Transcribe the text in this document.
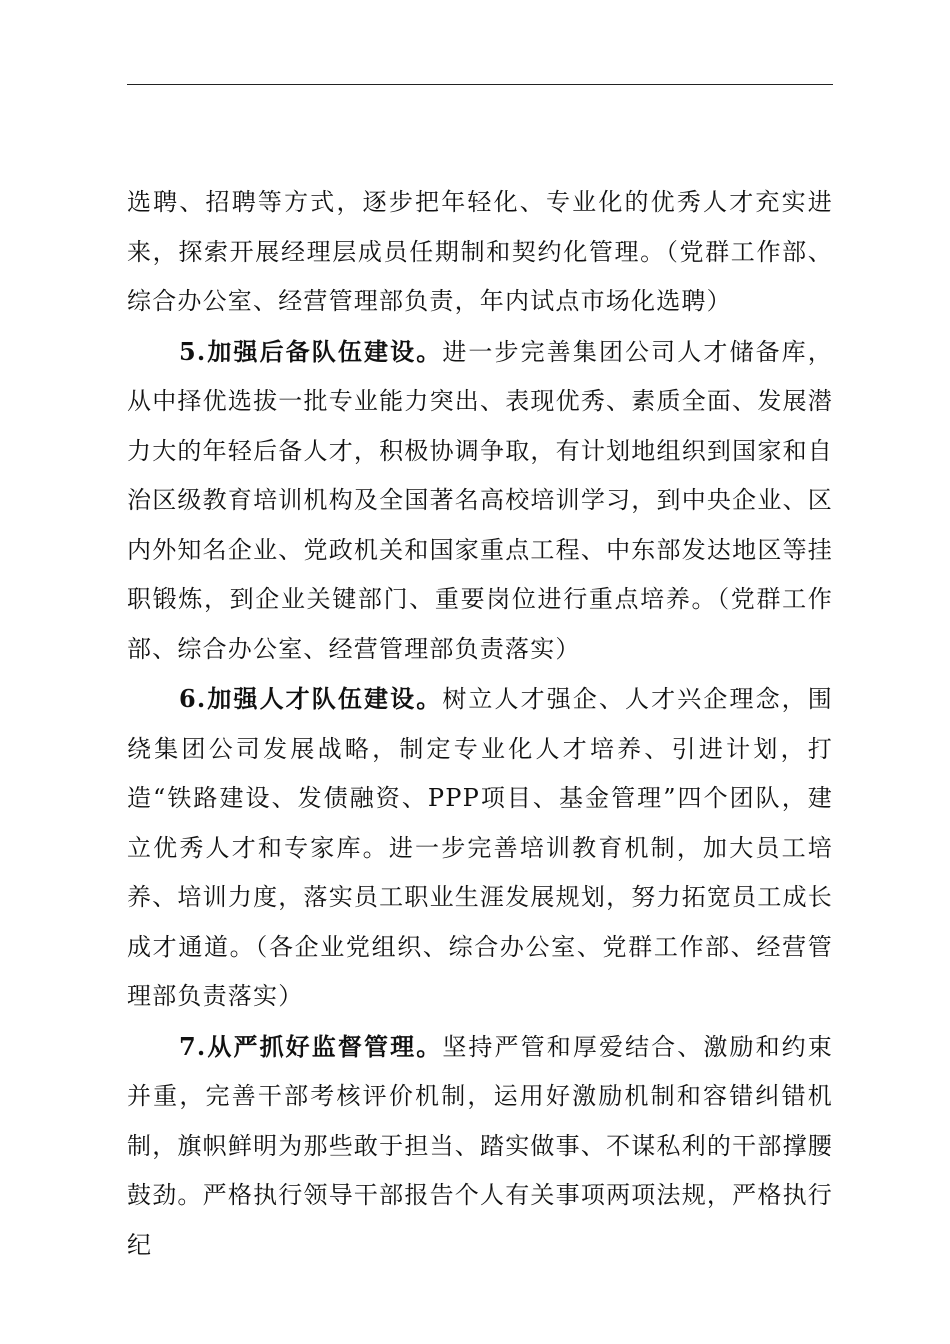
选聘、招聘等方式，逐步把年轻化、专业化的优秀人才充实进来，探索开展经理层成员任期制和契约化管理。（党群工作部、综合办公室、经营管理部负责，年内试点市场化选聘）

5.加强后备队伍建设。进一步完善集团公司人才储备库，从中择优选拔一批专业能力突出、表现优秀、素质全面、发展潜力大的年轻后备人才，积极协调争取，有计划地组织到国家和自治区级教育培训机构及全国著名高校培训学习，到中央企业、区内外知名企业、党政机关和国家重点工程、中东部发达地区等挂职锻炼，到企业关键部门、重要岗位进行重点培养。（党群工作部、综合办公室、经营管理部负责落实）

6.加强人才队伍建设。树立人才强企、人才兴企理念，围绕集团公司发展战略，制定专业化人才培养、引进计划，打造“铁路建设、发债融资、PPP项目、基金管理”四个团队，建立优秀人才和专家库。进一步完善培训教育机制，加大员工培养、培训力度，落实员工职业生涯发展规划，努力拓宽员工成长成才通道。（各企业党组织、综合办公室、党群工作部、经营管理部负责落实）

7.从严抓好监督管理。坚持严管和厚爱结合、激励和约束并重，完善干部考核评价机制，运用好激励机制和容错纠错机制，旗帜鲜明为那些敢于担当、踏实做事、不谋私利的干部撑腰鼓劲。严格执行领导干部报告个人有关事项两项法规，严格执行纪
